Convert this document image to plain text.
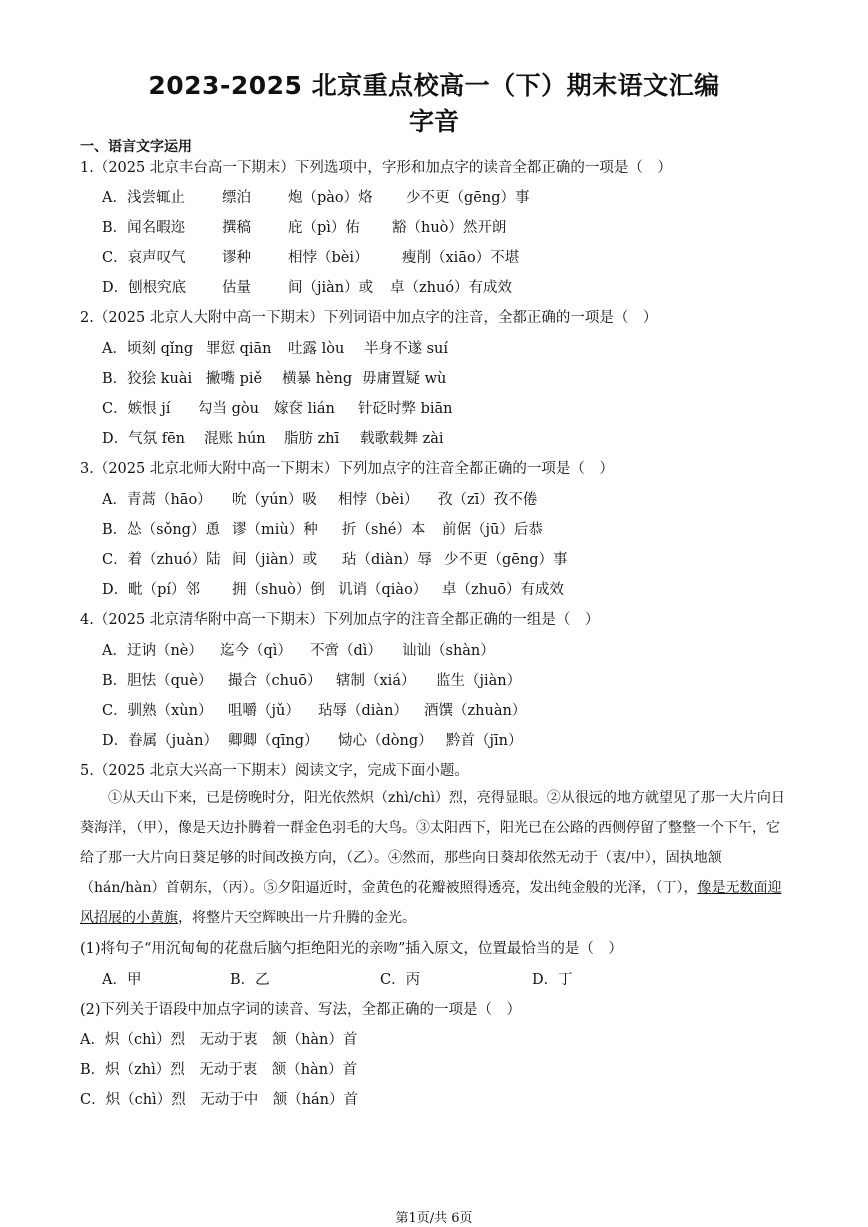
2023-2025 北京重点校高一（下）期末语文汇编
字音
一、语言文字运用
1.（2025 北京丰台高一下期末）下列选项中，字形和加点字的读音全都正确的一项是（　）
A．浅尝辄止	缥泊	炮（pào）烙 少不更（gēng）事
B．闻名暇迩	撰稿	庇（pì）佑 豁（huò）然开朗
C．哀声叹气	谬种	相悖（bèi） 瘦削（xiāo）不堪
D．刨根究底 估量	间（jiàn）或 卓（zhuó）有成效
2.（2025 北京人大附中高一下期末）下列词语中加点字的注音，全都正确的一项是（　）
A．顷刻 qǐng 罪愆 qiān 吐露 lòu 半身不遂 suí
B．狡狯 kuài 撇嘴 piě 横暴 hèng 毋庸置疑 wù
C．嫉恨 jí 勾当 gòu 嫁奁 lián 针砭时弊 biān
D．气氛 fēn 混账 hún 脂肪 zhī 载歌载舞 zài
3.（2025 北京北师大附中高一下期末）下列加点字的注音全都正确的一项是（　）
A．青蒿（hāo） 吮（yún）吸 相悖（bèi） 孜（zī）孜不倦
B．怂（sǒng）恿 谬（miù）种 折（shé）本 前倨（jū）后恭
C．着（zhuó）陆 间（jiàn）或 玷（diàn）辱 少不更（gēng）事
D．毗（pí）邻 拥（shuò）倒 讥诮（qiào） 卓（zhuō）有成效
4.（2025 北京清华附中高一下期末）下列加点字的注音全都正确的一组是（　）
A．迂讷（nè） 迄今（qì） 不啻（dì） 讪讪（shàn）
B．胆怯（què） 撮合（chuō） 辖制（xiá） 监生（jiàn）
C．驯熟（xùn） 咀嚼（jǔ） 玷辱（diàn） 酒馔（zhuàn）
D．眷属（juàn） 卿卿（qīng） 恸心（dòng） 黔首（jīn）
5.（2025 北京大兴高一下期末）阅读文字，完成下面小题。
①从天山下来，已是傍晚时分，阳光依然炽（zhì/chì）烈，亮得显眼。②从很远的地方就望见了那一大片向日葵海洋，（甲），像是天边扑腾着一群金色羽毛的大鸟。③太阳西下，阳光已在公路的西侧停留了整整一个下午，它给了那一大片向日葵足够的时间改换方向，（乙）。④然而，那些向日葵却依然无动于（衷/中），固执地颔（hán/hàn）首朝东，（丙）。⑤夕阳逼近时，金黄色的花瓣被照得透亮，发出纯金般的光泽，（丁），像是无数面迎风招展的小黄旗，将整片天空辉映出一片升腾的金光。
(1)将句子“用沉甸甸的花盘后脑勺拒绝阳光的亲吻”插入原文，位置最恰当的是（　）
A．甲	B．乙	C．丙	D．丁
(2)下列关于语段中加点字词的读音、写法，全都正确的一项是（　）
A．炽（chì）烈　无动于衷　颔（hàn）首
B．炽（zhì）烈　无动于衷　颔（hàn）首
C．炽（chì）烈　无动于中　颔（hán）首
第1页/共 6页
